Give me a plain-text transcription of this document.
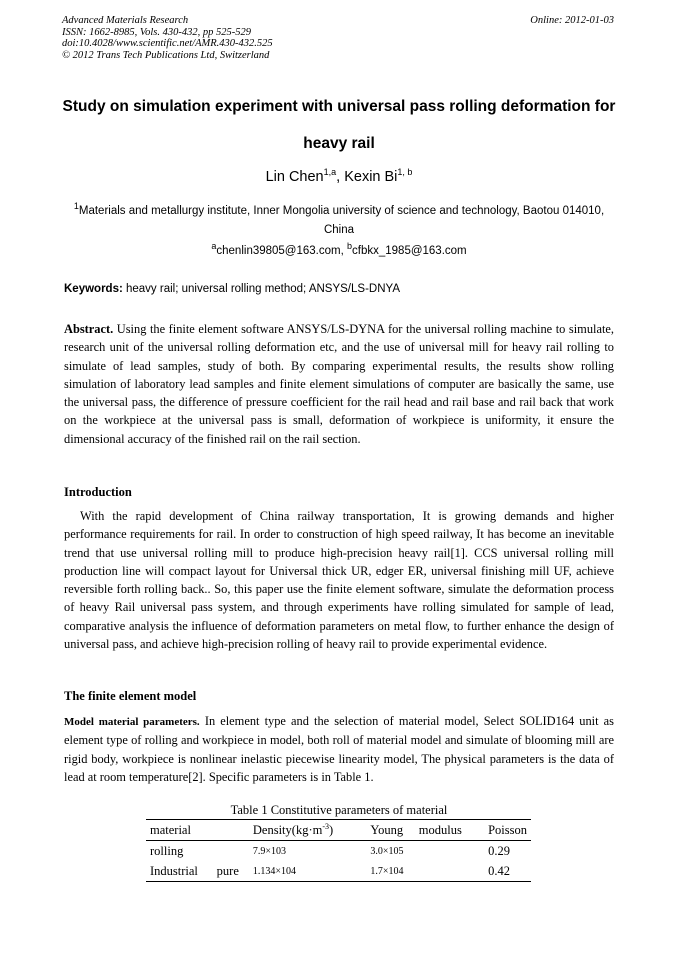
Advanced Materials Research
ISSN: 1662-8985, Vols. 430-432, pp 525-529
doi:10.4028/www.scientific.net/AMR.430-432.525
© 2012 Trans Tech Publications Ltd, Switzerland
Online: 2012-01-03
Study on simulation experiment with universal pass rolling deformation for heavy rail
Lin Chen$^{1,a}$, Kexin Bi$^{1, b}$
$^1$Materials and metallurgy institute, Inner Mongolia university of science and technology, Baotou 014010, China
$^a$chenlin39805@163.com, $^b$cfbkx_1985@163.com
Keywords: heavy rail; universal rolling method; ANSYS/LS-DNYA
Abstract. Using the finite element software ANSYS/LS-DYNA for the universal rolling machine to simulate, research unit of the universal rolling deformation etc, and the use of universal mill for heavy rail rolling to simulate of lead samples, study of both. By comparing experimental results, the results show rolling simulation of laboratory lead samples and finite element simulations of computer are basically the same, use the universal pass, the difference of pressure coefficient for the rail head and rail base and rail back that work on the workpiece at the universal pass is small, deformation of workpiece is uniformity, it ensure the dimensional accuracy of the finished rail on the rail section.
Introduction
With the rapid development of China railway transportation, It is growing demands and higher performance requirements for rail. In order to construction of high speed railway, It has become an inevitable trend that use universal rolling mill to produce high-precision heavy rail[1]. CCS universal rolling mill production line will compact layout for Universal thick UR, edger ER, universal finishing mill UF, achieve reversible forth rolling back.. So, this paper use the finite element software, simulate the deformation process of heavy Rail universal pass system, and through experiments have rolling simulated for sample of lead, comparative analysis the influence of deformation parameters on metal flow, to further enhance the design of universal pass, and achieve high-precision rolling of heavy rail to provide experimental evidence.
The finite element model
Model material parameters. In element type and the selection of material model, Select SOLID164 unit as element type of rolling and workpiece in model, both roll of material model and simulate of blooming mill are rigid body, workpiece is nonlinear inelastic piecewise linearity model, The physical parameters is the data of lead at room temperature[2]. Specific parameters is in Table 1.
Table 1 Constitutive parameters of material
material	$Density(kg\cdot m^{-3})$	Young modulus	Poisson
rolling	7.9×103	3.0×105	0.29
Industrial pure	1.134×104	1.7×104	0.42
